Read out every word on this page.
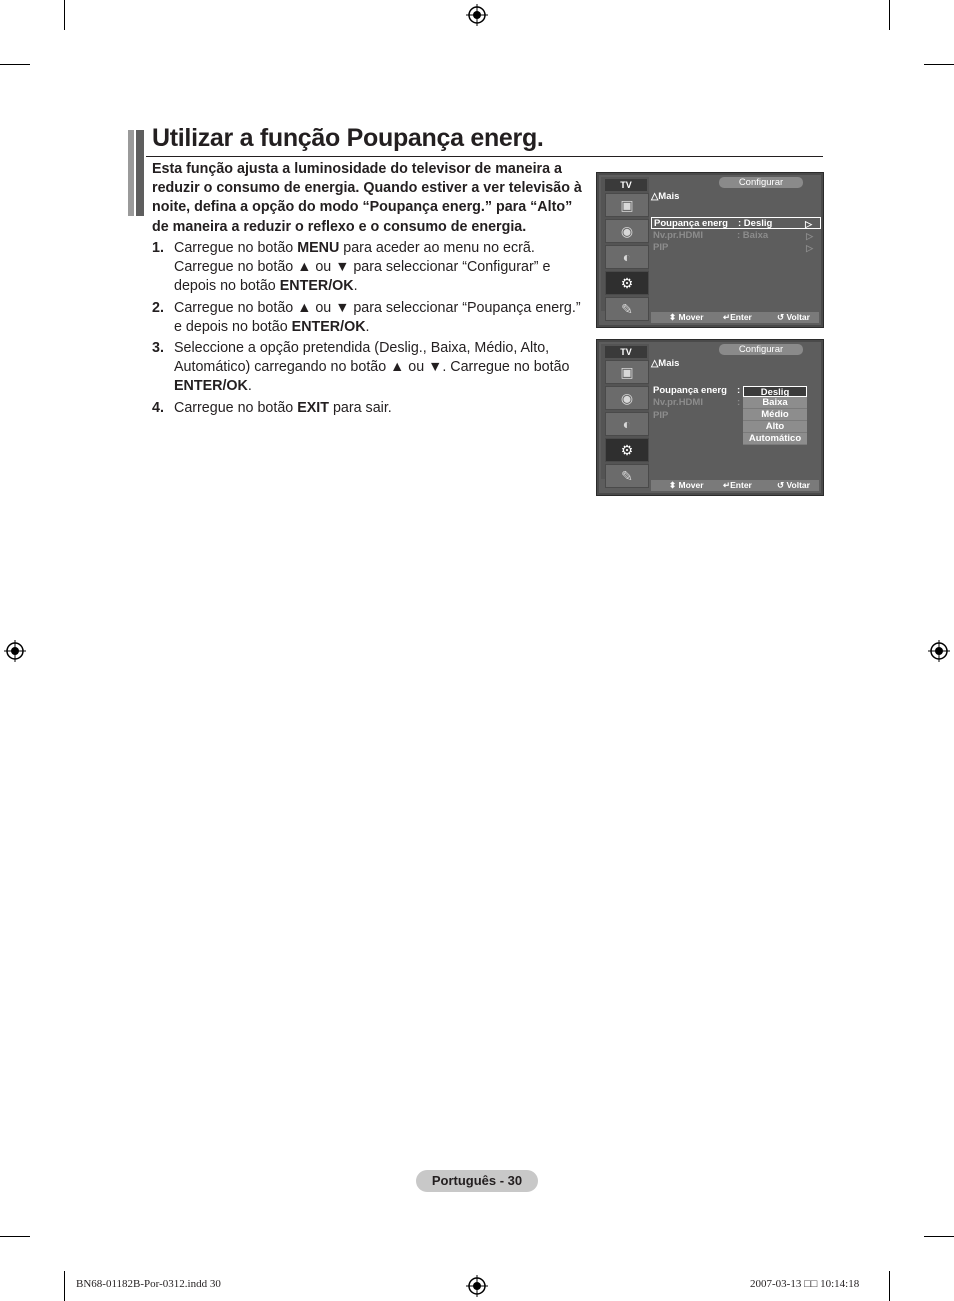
Utilizar a função Poupança energ.
Esta função ajusta a luminosidade do televisor de maneira a reduzir o consumo de energia. Quando estiver a ver televisão à noite, defina a opção do modo “Poupança energ.” para “Alto” de maneira a reduzir o reflexo e o consumo de energia.
1. Carregue no botão MENU para aceder ao menu no ecrã. Carregue no botão ▲ ou ▼ para seleccionar “Configurar” e depois no botão ENTER/OK.
2. Carregue no botão ▲ ou ▼ para seleccionar “Poupança energ.” e depois no botão ENTER/OK.
3. Seleccione a opção pretendida (Deslig., Baixa, Médio, Alto, Automático) carregando no botão ▲ ou ▼. Carregue no botão ENTER/OK.
4. Carregue no botão EXIT para sair.
TV
▣
◉
◐
⚙
✎
Configurar
△Mais
Poupança energ : Deslig	▷
Nv.pr.HDMI	: Baixa	▷
PIP	▷
⬍ Mover ↵Enter	↺ Voltar
TV
▣
◉
◐
⚙
✎
Configurar
△Mais
Poupança energ :
Nv.pr.HDMI	:
PIP
Deslig
Baixa
Médio
Alto
Automático
⬍ Mover ↵Enter	↺ Voltar
Português - 30
BN68-01182B-Por-0312.indd 30	2007-03-13 □□ 10:14:18
